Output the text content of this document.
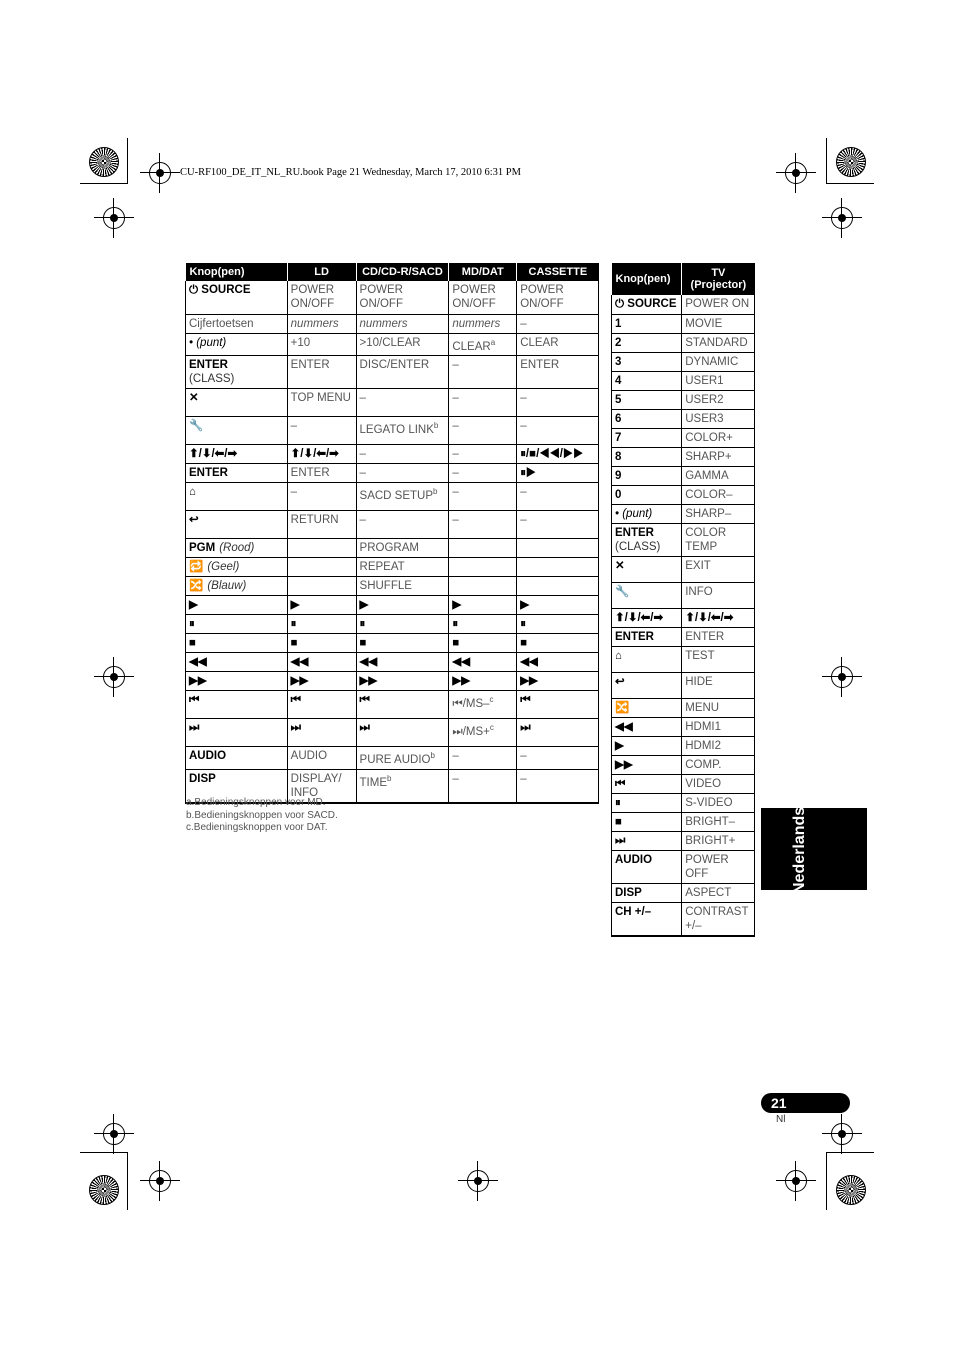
CU-RF100_DE_IT_NL_RU.book Page 21 Wednesday, March 17, 2010 6:31 PM
Knop(pen)	LD	CD/CD-R/SACD	MD/DAT	CASSETTE
⏻ SOURCE	POWER ON/OFF	POWER ON/OFF	POWER ON/OFF	POWER ON/OFF
Cijfertoetsen	nummers	nummers	nummers	–
• (punt)	+10	>10/CLEAR	CLEAR$^a$	CLEAR
ENTER
(CLASS)	ENTER	DISC/ENTER	–	ENTER
✕	TOP MENU	–	–	–
🔧	–	LEGATO LINK$^b$	–	–
⬆/⬇/⬅/➡	⬆/⬇/⬅/➡	–	–	⏸/■/◀◀/▶▶
ENTER	ENTER	–	–	⏸▶
⌂	–	SACD SETUP$^b$	–	–
↩	RETURN	–	–	–
PGM (Rood)		PROGRAM		
🔁 (Geel)		REPEAT		
🔀 (Blauw)		SHUFFLE		
▶	▶	▶	▶	▶
⏸	⏸	⏸	⏸	⏸
■	■	■	■	■
◀◀	◀◀	◀◀	◀◀	◀◀
▶▶	▶▶	▶▶	▶▶	▶▶
⏮	⏮	⏮	⏮/MS–$^c$	⏮
⏭	⏭	⏭	⏭/MS+$^c$	⏭
AUDIO	AUDIO	PURE AUDIO$^b$	–	–
DISP	DISPLAY/ INFO	TIME$^b$	–	–
a.Bedieningsknoppen voor MD.
b.Bedieningsknoppen voor SACD.
c.Bedieningsknoppen voor DAT.
Knop(pen)	TV (Projector)
⏻ SOURCE	POWER ON
1	MOVIE
2	STANDARD
3	DYNAMIC
4	USER1
5	USER2
6	USER3
7	COLOR+
8	SHARP+
9	GAMMA
0	COLOR–
• (punt)	SHARP–
ENTER
(CLASS)	COLOR TEMP
✕	EXIT
🔧	INFO
⬆/⬇/⬅/➡	⬆/⬇/⬅/➡
ENTER	ENTER
⌂	TEST
↩	HIDE
🔀	MENU
◀◀	HDMI1
▶	HDMI2
▶▶	COMP.
⏮	VIDEO
⏸	S-VIDEO
■	BRIGHT–
⏭	BRIGHT+
AUDIO	POWER OFF
DISP	ASPECT
CH +/–	CONTRAST +/–
Nederlands
21
Nl
